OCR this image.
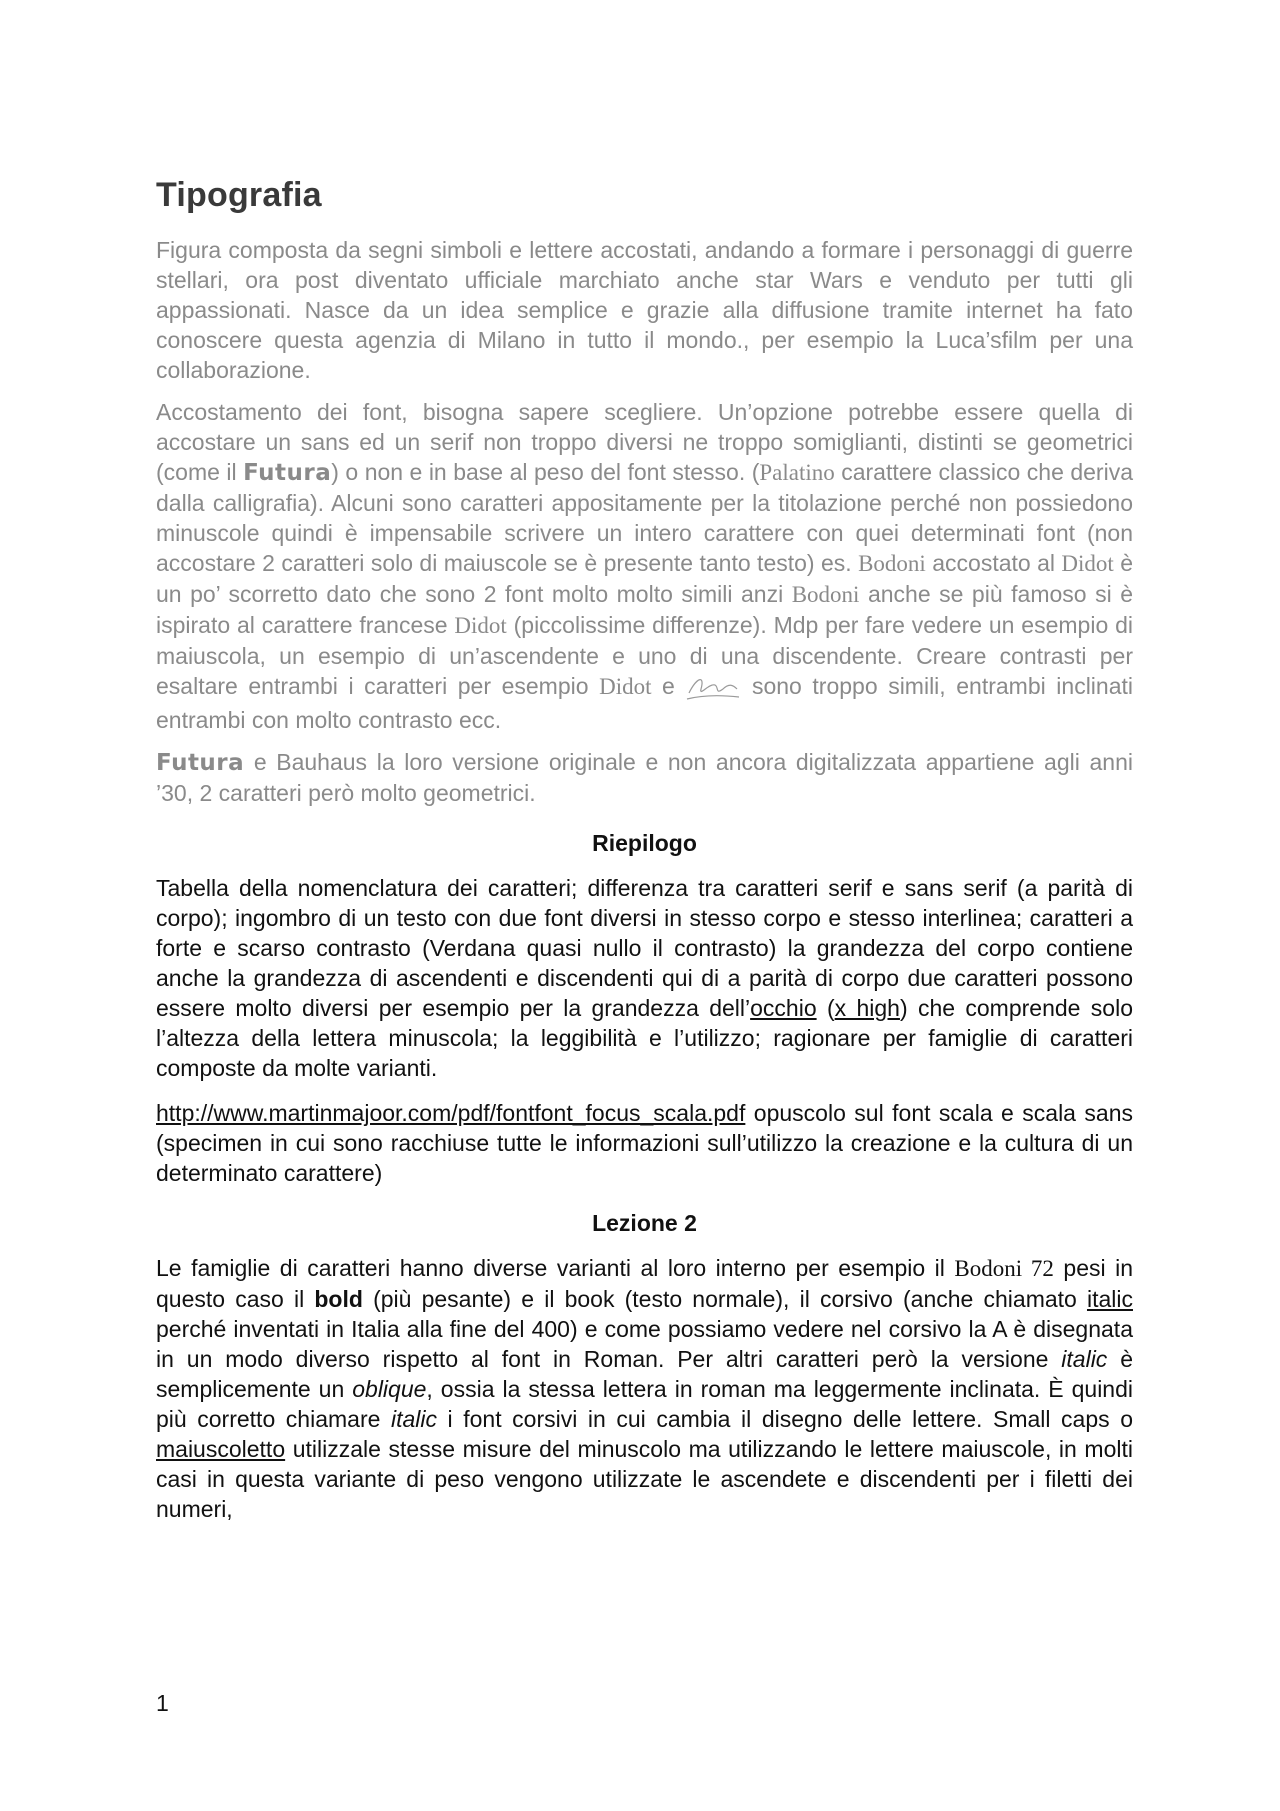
Tipografia

Figura composta da segni simboli e lettere accostati, andando a formare i personaggi di guerre stellari, ora post diventato ufficiale marchiato anche star Wars e venduto per tutti gli appassionati. Nasce da un idea semplice e grazie alla diffusione tramite internet ha fato conoscere questa agenzia di Milano in tutto il mondo., per esempio la Luca’sfilm per una collaborazione.

Accostamento dei font, bisogna sapere scegliere. Un’opzione potrebbe essere quella di accostare un sans ed un serif non troppo diversi ne troppo somiglianti, distinti se geometrici (come il Futura) o non e in base al peso del font stesso. (Palatino carattere classico che deriva dalla calligrafia). Alcuni sono caratteri appositamente per la titolazione perché non possiedono minuscole quindi è impensabile scrivere un intero carattere con quei determinati font (non accostare 2 caratteri solo di maiuscole se è presente tanto testo) es. Bodoni accostato al Didot è un po’ scorretto dato che sono 2 font molto molto simili anzi Bodoni anche se più famoso si è ispirato al carattere francese Didot (piccolissime differenze). Mdp per fare vedere un esempio di maiuscola, un esempio di un’ascendente e uno di una discendente. Creare contrasti per esaltare entrambi i caratteri per esempio Didot e  sono troppo simili, entrambi inclinati entrambi con molto contrasto ecc.

Futura e Bauhaus la loro versione originale e non ancora digitalizzata appartiene agli anni ’30, 2 caratteri però molto geometrici.

Riepilogo

Tabella della nomenclatura dei caratteri; differenza tra caratteri serif e sans serif (a parità di corpo); ingombro di un testo con due font diversi in stesso corpo e stesso interlinea; caratteri a forte e scarso contrasto (Verdana quasi nullo il contrasto) la grandezza del corpo contiene anche la grandezza di ascendenti e discendenti qui di a parità di corpo due caratteri possono essere molto diversi per esempio per la grandezza dell’occhio (x high) che comprende solo l’altezza della lettera minuscola; la leggibilità e l’utilizzo; ragionare per famiglie di caratteri composte da molte varianti.

http://www.martinmajoor.com/pdf/fontfont_focus_scala.pdf opuscolo sul font scala e scala sans (specimen in cui sono racchiuse tutte le informazioni sull’utilizzo la creazione e la cultura di un determinato carattere)

Lezione 2

Le famiglie di caratteri hanno diverse varianti al loro interno per esempio il Bodoni 72 pesi in questo caso il bold (più pesante) e il book (testo normale), il corsivo (anche chiamato italic perché inventati in Italia alla fine del 400) e come possiamo vedere nel corsivo la A è disegnata in un modo diverso rispetto al font in Roman. Per altri caratteri però la versione italic è semplicemente un oblique, ossia la stessa lettera in roman ma leggermente inclinata. È quindi più corretto chiamare italic i font corsivi in cui cambia il disegno delle lettere. Small caps o maiuscoletto utilizzale stesse misure del minuscolo ma utilizzando le lettere maiuscole, in molti casi in questa variante di peso vengono utilizzate le ascendete e discendenti per i filetti dei numeri,

1
